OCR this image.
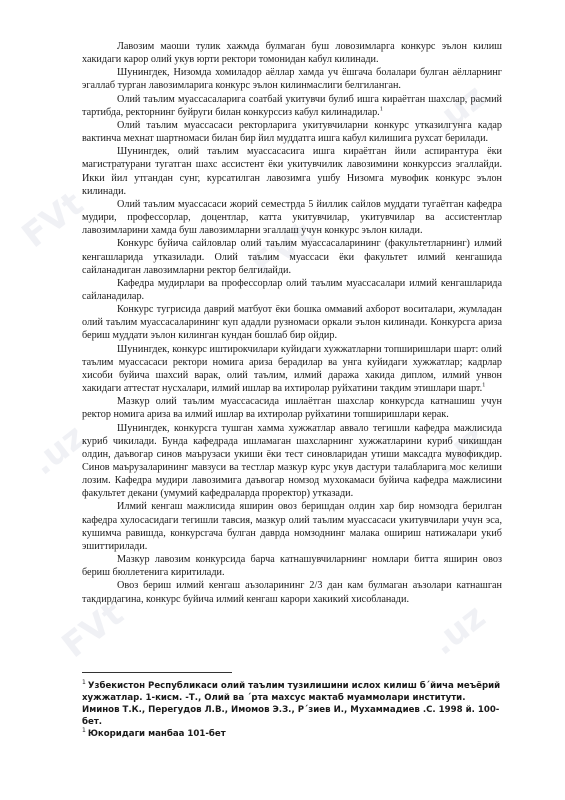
FVt	FVt
.uz
.uz	.uz
FVt	.uz

Лавозим маоши тулик хажмда булмаган буш ловозимларга конкурс эълон килиш хакидаги карор олий укув юрти ректори томонидан кабул килинади.

Шунингдек, Низомда хомиладор аёллар хамда уч ёшгача болалари булган аёлларнинг эгаллаб турган лавозимларига конкурс эълон килинмаслиги белгиланган.

Олий таълим муассасаларига соатбай укитувчи булиб ишга кираётган шахслар, расмий тартибда, ректорнинг буйруги билан конкурссиз кабул килинадилар.$^1$

Олий таълим муассасаси ректорларига укитувчиларни конкурс утказилгунга кадар вактинча мехнат шартномаси билан бир йил муддатга ишга кабул килишига рухсат берилади.

Шунингдек, олий таълим муассасасига ишга кираётган йили аспирантура ёки магистратурани тугатган шахс ассистент ёки укитувчилик лавозимини конкурссиз эгаллайди. Икки йил утгандан сунг, курсатилган лавозимга ушбу Низомга мувофик конкурс эълон килинади.

Олий таълим муассасаси жорий семестрда 5 йиллик сайлов муддати тугаётган кафедра мудири, профессорлар, доцентлар, катта укитувчилар, укитувчилар ва ассистентлар лавозимларини хамда буш лавозимларни эгаллаш учун конкурс эълон килади.

Конкурс буйича сайловлар олий таълим муассасаларининг (факультетларнинг) илмий кенгашларида утказилади. Олий таълим муассаси ёки факультет илмий кенгашида сайланадиган лавозимларни ректор белгилайди.

Кафедра мудирлари ва профессорлар олий таълим муассасалари илмий кенгашларида сайланадилар.

Конкурс тугрисида даврий матбуот ёки бошка оммавий ахборот воситалари, жумладан олий таълим муассасаларининг куп ададли рузномаси оркали эълон килинади. Конкурсга ариза бериш муддати эълон килинган кундан бошлаб бир ойдир.

Шунингдек, конкурс иштирокчилари куйидаги хужжатларни топширишлари шарт: олий таълим муассасаси ректори номига ариза берадилар ва унга куйидаги хужжатлар; кадрлар хисоби буйича шахсий варак, олий таълим, илмий даража хакида диплом, илмий унвон хакидаги аттестат нусхалари, илмий ишлар ва ихтиролар руйхатини такдим этишлари шарт.$^1$

Мазкур олий таълим муассасасида ишлаётган шахслар конкурсда катнашиш учун ректор номига ариза ва илмий ишлар ва ихтиролар руйхатини топширишлари керак.

Шунингдек, конкурсга тушган хамма хужжатлар аввало тегишли кафедра мажлисида куриб чикилади. Бунда кафедрада ишламаган шахсларнинг хужжатларини куриб чикишдан олдин, даъвогар синов маърузаси укиши ёки тест синовларидан утиши максадга мувофикдир. Синов маърузаларининг мавзуси ва тестлар мазкур курс укув дастури талабларига мос келиши лозим. Кафедра мудири лавозимига даъвогар номзод мухокамаси буйича кафедра мажлисини факультет декани (умумий кафедраларда проректор) утказади.

Илмий кенгаш мажлисида яширин овоз беришдан олдин хар бир номзодга берилган кафедра хулосасидаги тегишли тавсия, мазкур олий таълим муассасаси укитувчилари учун эса, кушимча равишда, конкурсгача булган даврда номзоднинг малака ошириш натижалари укиб эшиттирилади.

Мазкур лавозим конкурсида барча катнашувчиларнинг номлари битта яширин овоз бериш бюллетенига киритилади.

Овоз бериш илмий кенгаш аъзоларининг 2/3 дан кам булмаган аъзолари катнашган такдирдагина, конкурс буйича илмий кенгаш карори хакикий хисобланади.

$^1$ Узбекистон Республикаси олий таълим тузилишини ислох килиш б´йича меъёрий хужжатлар. 1-кисм. -Т., Олий ва ´рта махсус мактаб муаммолари институти. Иминов Т.К., Перегудов Л.В., Имомов Э.З., Р´зиев И., Мухаммадиев .С. 1998 й. 100-бет.

$^1$ Юкоридаги манбаа 101-бет
